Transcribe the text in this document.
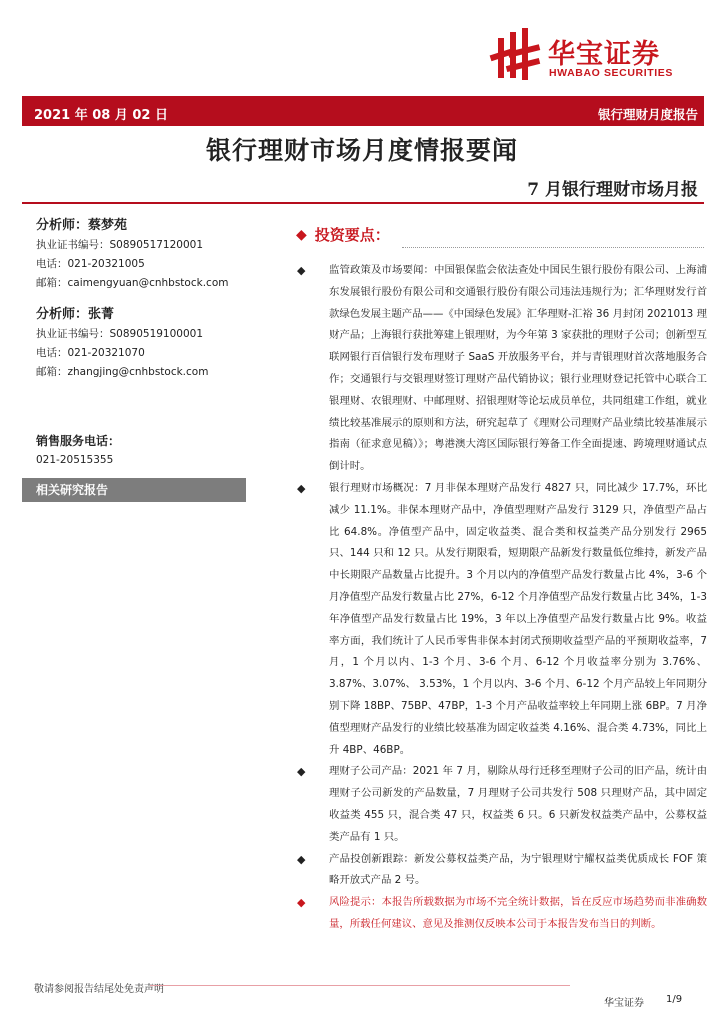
华宝证券
HWABAO SECURITIES
2021 年 08 月 02 日	银行理财月度报告
银行理财市场月度情报要闻
7 月银行理财市场月报
分析师：蔡梦苑
执业证书编号：S0890517120001
电话：021-20321005
邮箱：caimengyuan@cnhbstock.com
分析师：张菁
执业证书编号：S0890519100001
电话：021-20321070
邮箱：zhangjing@cnhbstock.com
销售服务电话：
021-20515355
相关研究报告
◆ 投资要点：
◆	监管政策及市场要闻：中国银保监会依法查处中国民生银行股份有限公司、上海浦东发展银行股份有限公司和交通银行股份有限公司违法违规行为；汇华理财发行首款绿色发展主题产品——《中国绿色发展》汇华理财-汇裕 36 月封闭 2021013 理财产品；上海银行获批筹建上银理财，为今年第 3 家获批的理财子公司；创新型互联网银行百信银行发布理财子 SaaS 开放服务平台，并与青银理财首次落地服务合作；交通银行与交银理财签订理财产品代销协议；银行业理财登记托管中心联合工银理财、农银理财、中邮理财、招银理财等论坛成员单位，共同组建工作组，就业绩比较基准展示的原则和方法，研究起草了《理财公司理财产品业绩比较基准展示指南（征求意见稿）》；粤港澳大湾区国际银行筹备工作全面提速、跨境理财通试点倒计时。
◆	银行理财市场概况：7 月非保本理财产品发行 4827 只，同比减少 17.7%，环比减少 11.1%。非保本理财产品中，净值型理财产品发行 3129 只，净值型产品占比 64.8%。净值型产品中，固定收益类、混合类和权益类产品分别发行 2965 只、144 只和 12 只。从发行期限看，短期限产品新发行数量低位维持，新发产品中长期限产品数量占比提升。3 个月以内的净值型产品发行数量占比 4%，3-6 个月净值型产品发行数量占比 27%，6-12 个月净值型产品发行数量占比 34%，1-3 年净值型产品发行数量占比 19%，3 年以上净值型产品发行数量占比 9%。收益率方面，我们统计了人民币零售非保本封闭式预期收益型产品的平预期收益率，7 月，1 个月以内、1-3 个月、3-6 个月、6-12 个月收益率分别为 3.76%、3.87%、3.07%、 3.53%，1 个月以内、3-6 个月、6-12 个月产品较上年同期分别下降 18BP、75BP、47BP，1-3 个月产品收益率较上年同期上涨 6BP。7 月净值型理财产品发行的业绩比较基准为固定收益类 4.16%、混合类 4.73%，同比上升 4BP、46BP。
◆	理财子公司产品：2021 年 7 月，剔除从母行迁移至理财子公司的旧产品，统计由理财子公司新发的产品数量，7 月理财子公司共发行 508 只理财产品，其中固定收益类 455 只，混合类 47 只，权益类 6 只。6 只新发权益类产品中，公募权益类产品有 1 只。
◆	产品投创新跟踪：新发公募权益类产品，为宁银理财宁耀权益类优质成长 FOF 策略开放式产品 2 号。
◆	风险提示：本报告所载数据为市场不完全统计数据，旨在反应市场趋势而非准确数量，所载任何建议、意见及推测仅反映本公司于本报告发布当日的判断。
敬请参阅报告结尾处免责声明
华宝证券 1/9
